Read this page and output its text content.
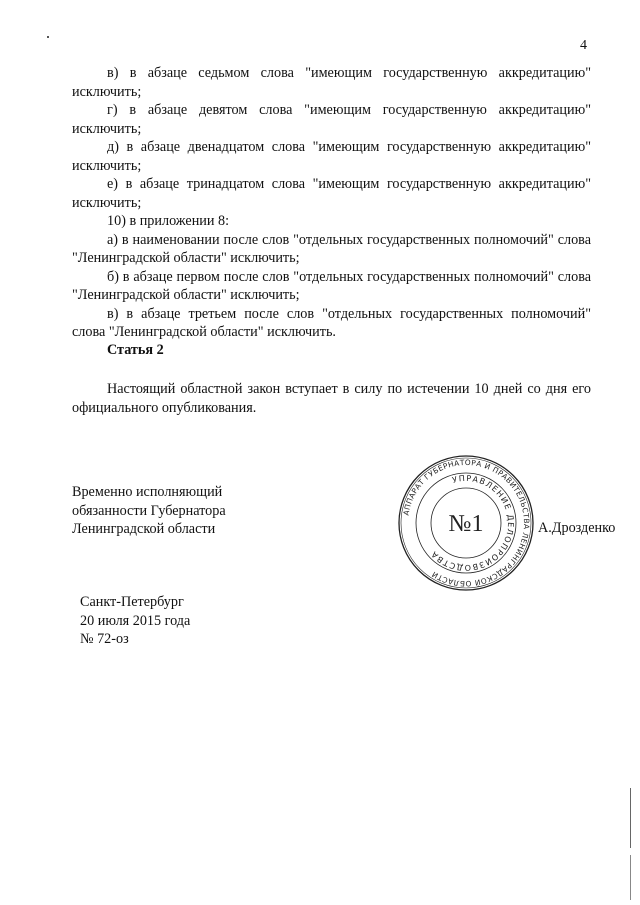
4

в) в абзаце седьмом слова "имеющим государственную аккредитацию" исключить;

г) в абзаце девятом слова "имеющим государственную аккредитацию" исключить;

д) в абзаце двенадцатом слова "имеющим государственную аккредитацию" исключить;

е) в абзаце тринадцатом слова "имеющим государственную аккредитацию" исключить;

10) в приложении 8:

а) в наименовании после слов "отдельных государственных полномочий" слова "Ленинградской области" исключить;

б) в абзаце первом после слов "отдельных государственных полномочий" слова "Ленинградской области" исключить;

в) в абзаце третьем после слов "отдельных государственных полномочий" слова "Ленинградской области" исключить.

Статья 2

Настоящий областной закон вступает в силу по истечении 10 дней со дня его официального опубликования.

Временно исполняющий
обязанности Губернатора
Ленинградской области	А.Дрозденко
АППАРАТ ГУБЕРНАТОРА И ПРАВИТЕЛЬСТВА ЛЕНИНГРАДСКОЙ ОБЛАСТИ
УПРАВЛЕНИЕ ДЕЛОПРОИЗВОДСТВА
№1
Санкт-Петербург
20 июля 2015 года
№ 72-оз
